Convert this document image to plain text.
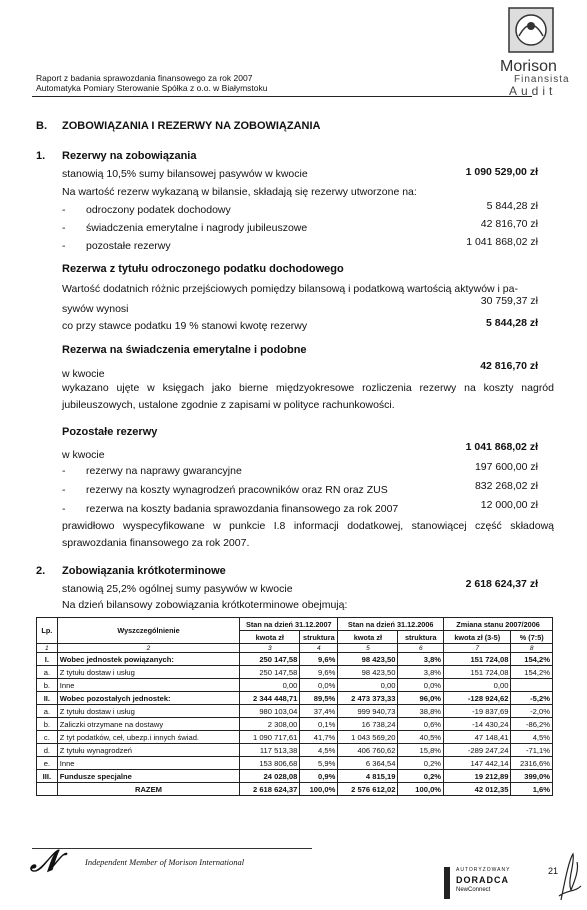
Raport z badania sprawozdania finansowego za rok 2007
Automatyka Pomiary Sterowanie Spółka z o.o. w Białymstoku
Morison
Finansista
Audit
B. ZOBOWIĄZANIA I REZERWY NA ZOBOWIĄZANIA
1. Rezerwy na zobowiązania
stanowią 10,5% sumy bilansowej pasywów w kwocie	1 090 529,00 zł
Na wartość rezerw wykazaną w bilansie, składają się rezerwy utworzone na:
- odroczony podatek dochodowy	5 844,28 zł
- świadczenia emerytalne i nagrody jubileuszowe	42 816,70 zł
- pozostałe rezerwy	1 041 868,02 zł
Rezerwa z tytułu odroczonego podatku dochodowego
Wartość dodatnich różnic przejściowych pomiędzy bilansową i podatkową wartością aktywów i pa-
sywów wynosi
30 759,37 zł
co przy stawce podatku 19 % stanowi kwotę rezerwy	5 844,28 zł
Rezerwa na świadczenia emerytalne i podobne
w kwocie
42 816,70 zł
wykazano ujęte w księgach jako bierne międzyokresowe rozliczenia rezerwy na koszty nagród jubileuszowych, ustalone zgodnie z zapisami w polityce rachunkowości.
Pozostałe rezerwy
w kwocie
1 041 868,02 zł
- rezerwy na naprawy gwarancyjne	197 600,00 zł
- rezerwy na koszty wynagrodzeń pracowników oraz RN oraz ZUS	832 268,02 zł
- rezerwa na koszty badania sprawozdania finansowego za rok 2007	12 000,00 zł
prawidłowo wyspecyfikowane w punkcie I.8 informacji dodatkowej, stanowiącej część składową sprawozdania finansowego za rok 2007.
2. Zobowiązania krótkoterminowe
stanowią 25,2% ogólnej sumy pasywów w kwocie	2 618 624,37 zł
Na dzień bilansowy zobowiązania krótkoterminowe obejmują:
Lp.	Wyszczególnienie	Stan na dzień 31.12.2007		Stan na dzień 31.12.2006		Zmiana stanu 2007/2006	
		kwota zł	struktura	kwota zł	struktura	kwota zł (3-5)	% (7:5)
1	2	3	4	5	6	7	8
I.	Wobec jednostek powiązanych:	250 147,58	9,6%	98 423,50	3,8%	151 724,08	154,2%
a.	Z tytułu dostaw i usług	250 147,58	9,6%	98 423,50	3,8%	151 724,08	154,2%
b.	Inne	0,00	0,0%	0,00	0,0%	0,00	
II.	Wobec pozostałych jednostek:	2 344 448,71	89,5%	2 473 373,33	96,0%	-128 924,62	-5,2%
a.	Z tytułu dostaw i usług	980 103,04	37,4%	999 940,73	38,8%	-19 837,69	-2,0%
b.	Zaliczki otrzymane na dostawy	2 308,00	0,1%	16 738,24	0,6%	-14 430,24	-86,2%
c.	Z tyt podatków, ceł, ubezp.i innych świad.	1 090 717,61	41,7%	1 043 569,20	40,5%	47 148,41	4,5%
d.	Z tytułu wynagrodzeń	117 513,38	4,5%	406 760,62	15,8%	-289 247,24	-71,1%
e.	Inne	153 806,68	5,9%	6 364,54	0,2%	147 442,14	2316,6%
III.	Fundusze specjalne	24 028,08	0,9%	4 815,19	0,2%	19 212,89	399,0%
	RAZEM	2 618 624,37	100,0%	2 576 612,02	100,0%	42 012,35	1,6%
𝒩	Independent Member of Morison International
AUTORYZOWANY
DORADCA
NewConnect
21
